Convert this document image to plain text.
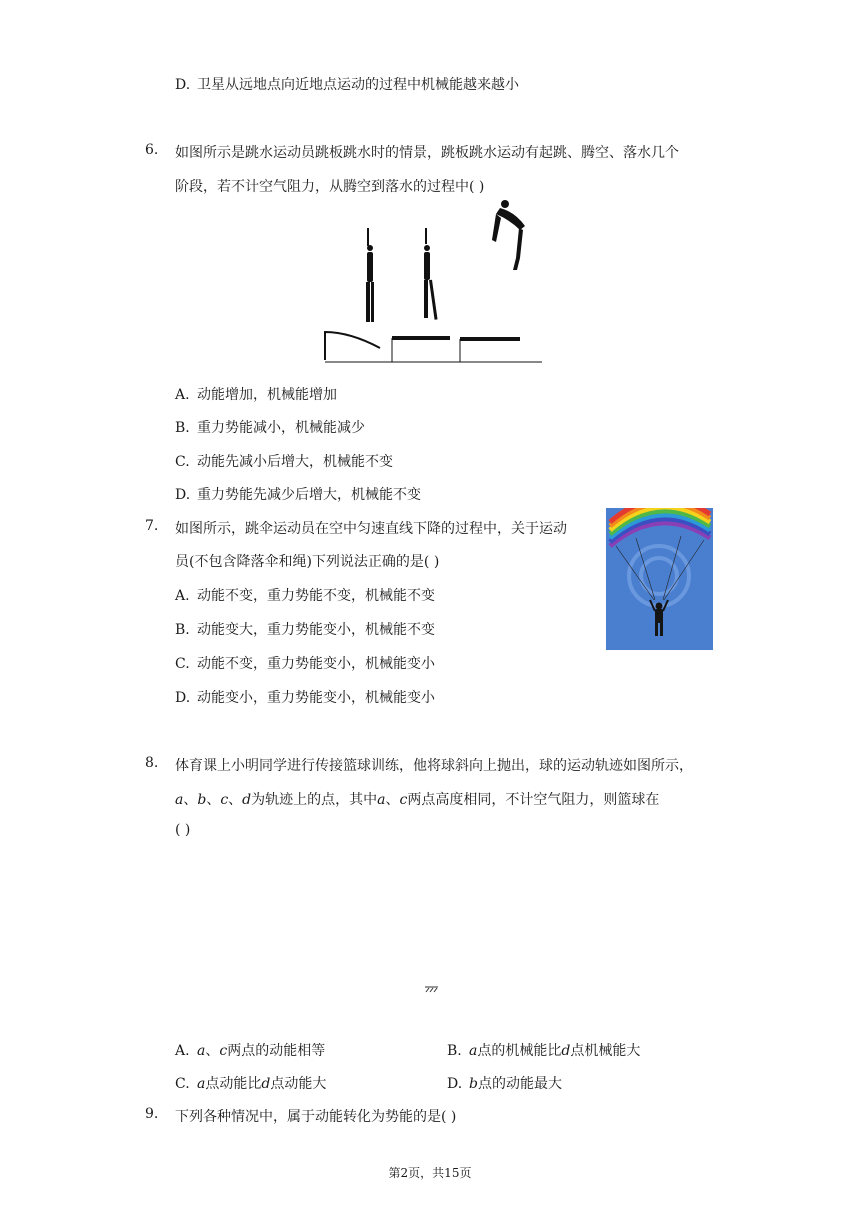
D. 卫星从远地点向近地点运动的过程中机械能越来越小
6. 如图所示是跳水运动员跳板跳水时的情景，跳板跳水运动有起跳、腾空、落水几个
阶段，若不计空气阻力，从腾空到落水的过程中( )
A. 动能增加，机械能增加
B. 重力势能减小，机械能减少
C. 动能先减小后增大，机械能不变
D. 重力势能先减少后增大，机械能不变
7. 如图所示，跳伞运动员在空中匀速直线下降的过程中，关于运动
员(不包含降落伞和绳)下列说法正确的是( )
A. 动能不变，重力势能不变，机械能不变
B. 动能变大，重力势能变小，机械能不变
C. 动能不变，重力势能变小，机械能变小
D. 动能变小，重力势能变小，机械能变小
8. 体育课上小明同学进行传接篮球训练，他将球斜向上抛出，球的运动轨迹如图所示，
a、b、c、d为轨迹上的点，其中a、c两点高度相同，不计空气阻力，则篮球在
( )
A. a、c两点的动能相等	B. a点的机械能比d点机械能大
C. a点动能比d点动能大	D. b点的动能最大
9. 下列各种情况中，属于动能转化为势能的是( )
第2页，共15页
